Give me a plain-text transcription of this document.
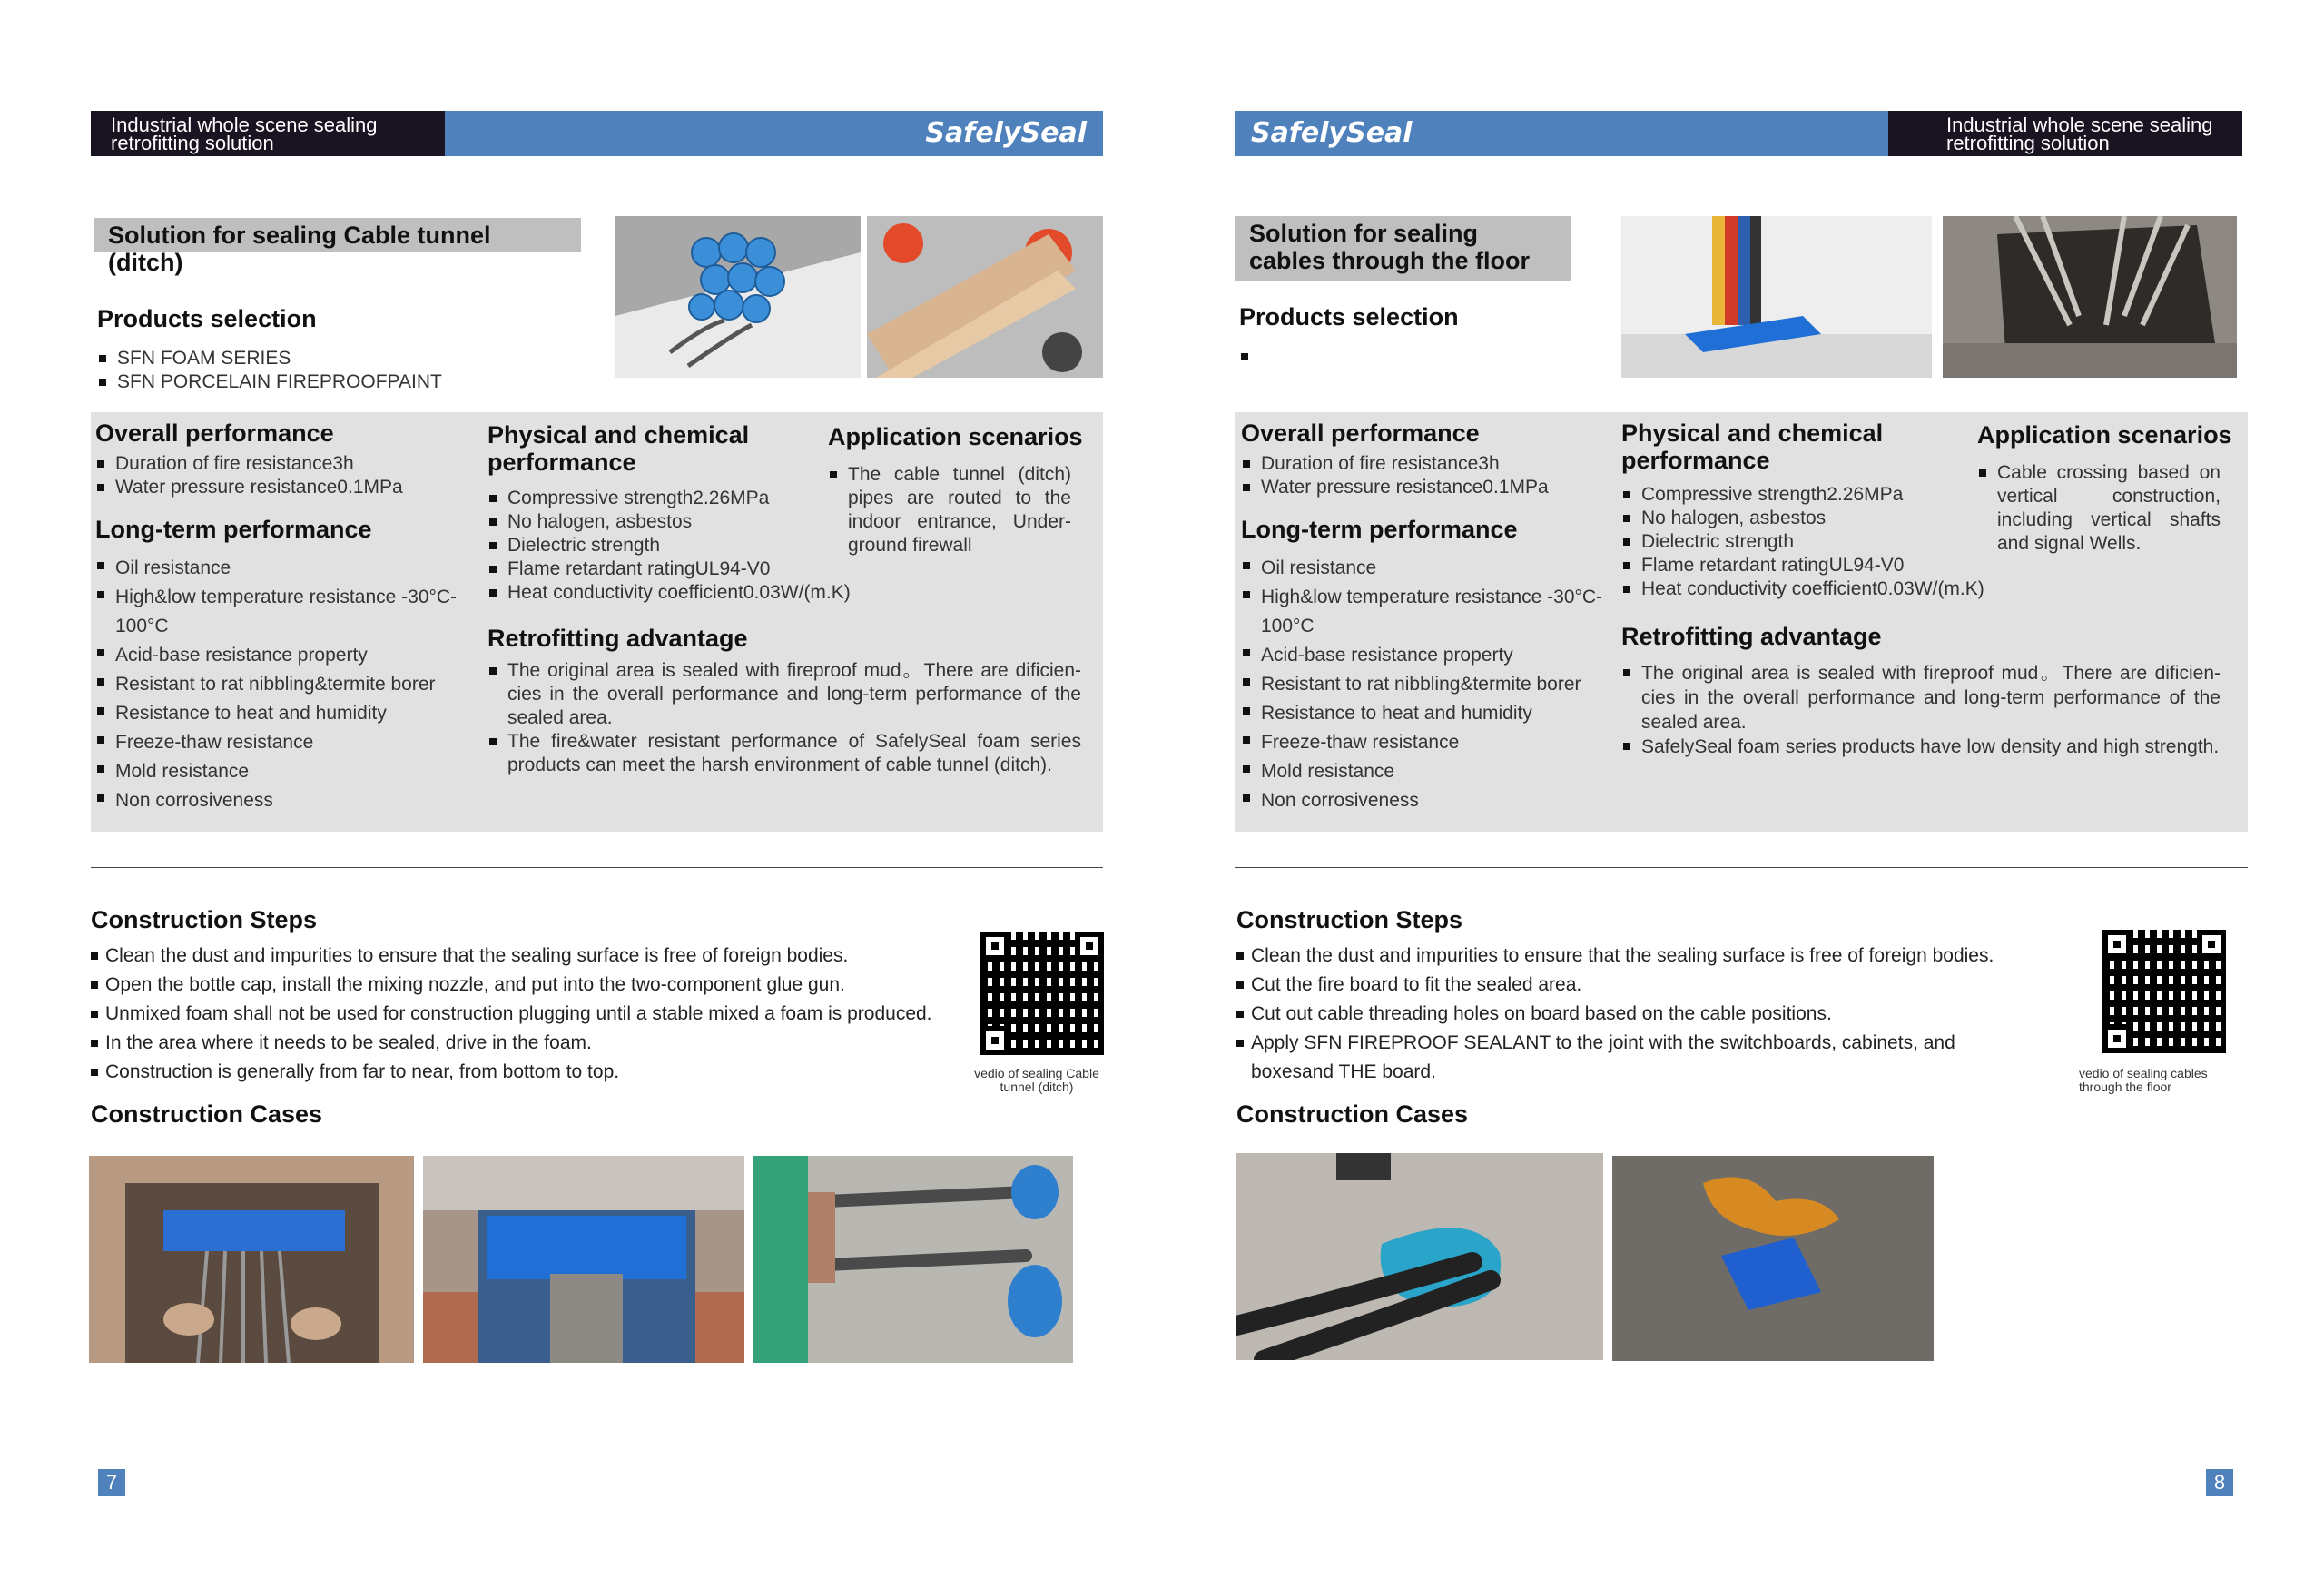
Industrial whole scene sealing retrofitting solution	SafelySeal
Solution for sealing Cable tunnel (ditch)
Products selection
SFN FOAM SERIES
SFN PORCELAIN FIREPROOFPAINT
Overall performance
Duration of fire resistance3h
Water pressure resistance0.1MPa
Long-term performance
Oil resistance
High&low temperature resistance -30°C-100°C
Acid-base resistance property
Resistant to rat nibbling&termite borer
Resistance to heat and humidity
Freeze-thaw resistance
Mold resistance
Non corrosiveness
Physical and chemical performance
Compressive strength2.26MPa
No halogen, asbestos
Dielectric strength
Flame retardant ratingUL94-V0
Heat conductivity coefficient0.03W/(m.K)
Application scenarios
The cable tunnel (ditch) pipes are routed to the indoor entrance, Under-ground firewall
Retrofitting advantage
The original area is sealed with fireproof mud。There are dificien-cies in the overall performance and long-term performance of the sealed area.
The fire&water resistant performance of SafelySeal foam series products can meet the harsh environment of cable tunnel (ditch).
Construction Steps
Clean the dust and impurities to ensure that the sealing surface is free of foreign bodies.
Open the bottle cap, install the mixing nozzle, and put into the two-component glue gun.
Unmixed foam shall not be used for construction plugging until a stable mixed a foam is produced.
In the area where it needs to be sealed, drive in the foam.
Construction is generally from far to near, from bottom to top.	vedio of sealing Cable tunnel (ditch)
Construction Cases
7
SafelySeal	Industrial whole scene sealing retrofitting solution
Solution for sealing cables through the floor
Products selection
Overall performance
Duration of fire resistance3h
Water pressure resistance0.1MPa
Long-term performance
Oil resistance
High&low temperature resistance -30°C-100°C
Acid-base resistance property
Resistant to rat nibbling&termite borer
Resistance to heat and humidity
Freeze-thaw resistance
Mold resistance
Non corrosiveness
Physical and chemical performance
Compressive strength2.26MPa
No halogen, asbestos
Dielectric strength
Flame retardant ratingUL94-V0
Heat conductivity coefficient0.03W/(m.K)
Application scenarios
Cable crossing based on vertical construction, including vertical shafts and signal Wells.
Retrofitting advantage
The original area is sealed with fireproof mud。There are dificien-cies in the overall performance and long-term performance of the sealed area.
SafelySeal foam series products have low density and high strength.
Construction Steps
Clean the dust and impurities to ensure that the sealing surface is free of foreign bodies.
Cut the fire board to fit the sealed area.
Cut out cable threading holes on board based on the cable positions.
Apply SFN FIREPROOF SEALANT to the joint with the switchboards, cabinets, and boxesand THE board.	vedio of sealing cables through the floor
Construction Cases
8
